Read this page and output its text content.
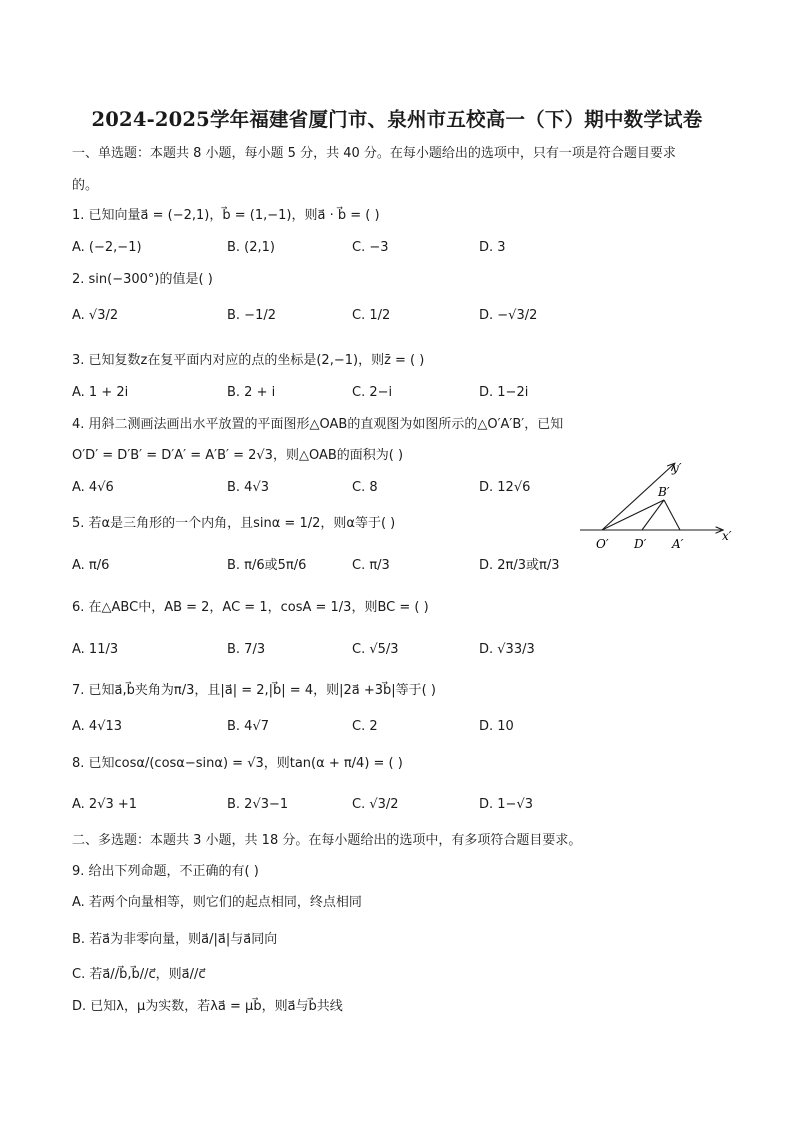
2024-2025学年福建省厦门市、泉州市五校高一（下）期中数学试卷
一、单选题：本题共 8 小题，每小题 5 分，共 40 分。在每小题给出的选项中，只有一项是符合题目要求
的。
1. 已知向量a⃗ = (−2,1)，b⃗ = (1,−1)，则a⃗ · b⃗ = ( )
A. (−2,−1)	B. (2,1)	C. −3	D. 3
2. sin(−300°)的值是( )
A. √3/2	B. −1/2	C. 1/2	D. −√3/2
3. 已知复数z在复平面内对应的点的坐标是(2,−1)，则z̄ = ( )
A. 1 + 2i	B. 2 + i	C. 2−i	D. 1−2i
4. 用斜二测画法画出水平放置的平面图形△OAB的直观图为如图所示的△O′A′B′，已知
O′D′ = D′B′ = D′A′ = A′B′ = 2√3，则△OAB的面积为( )
A. 4√6	B. 4√3	C. 8	D. 12√6
y′
B′
O′ D′ A′
x′
5. 若α是三角形的一个内角，且sinα = 1/2，则α等于( )
A. π/6	B. π/6或5π/6	C. π/3	D. 2π/3或π/3
6. 在△ABC中，AB = 2，AC = 1，cosA = 1/3，则BC = ( )
A. 11/3	B. 7/3	C. √5/3	D. √33/3
7. 已知a⃗,b⃗夹角为π/3，且|a⃗| = 2,|b⃗| = 4，则|2a⃗ +3b⃗|等于( )
A. 4√13	B. 4√7	C. 2	D. 10
8. 已知cosα/(cosα−sinα) = √3，则tan(α + π/4) = ( )
A. 2√3 +1	B. 2√3−1	C. √3/2	D. 1−√3
二、多选题：本题共 3 小题，共 18 分。在每小题给出的选项中，有多项符合题目要求。
9. 给出下列命题，不正确的有( )
A. 若两个向量相等，则它们的起点相同，终点相同
B. 若a⃗为非零向量，则a⃗/|a⃗|与a⃗同向
C. 若a⃗//b⃗,b⃗//c⃗，则a⃗//c⃗
D. 已知λ，μ为实数，若λa⃗ = μb⃗，则a⃗与b⃗共线
